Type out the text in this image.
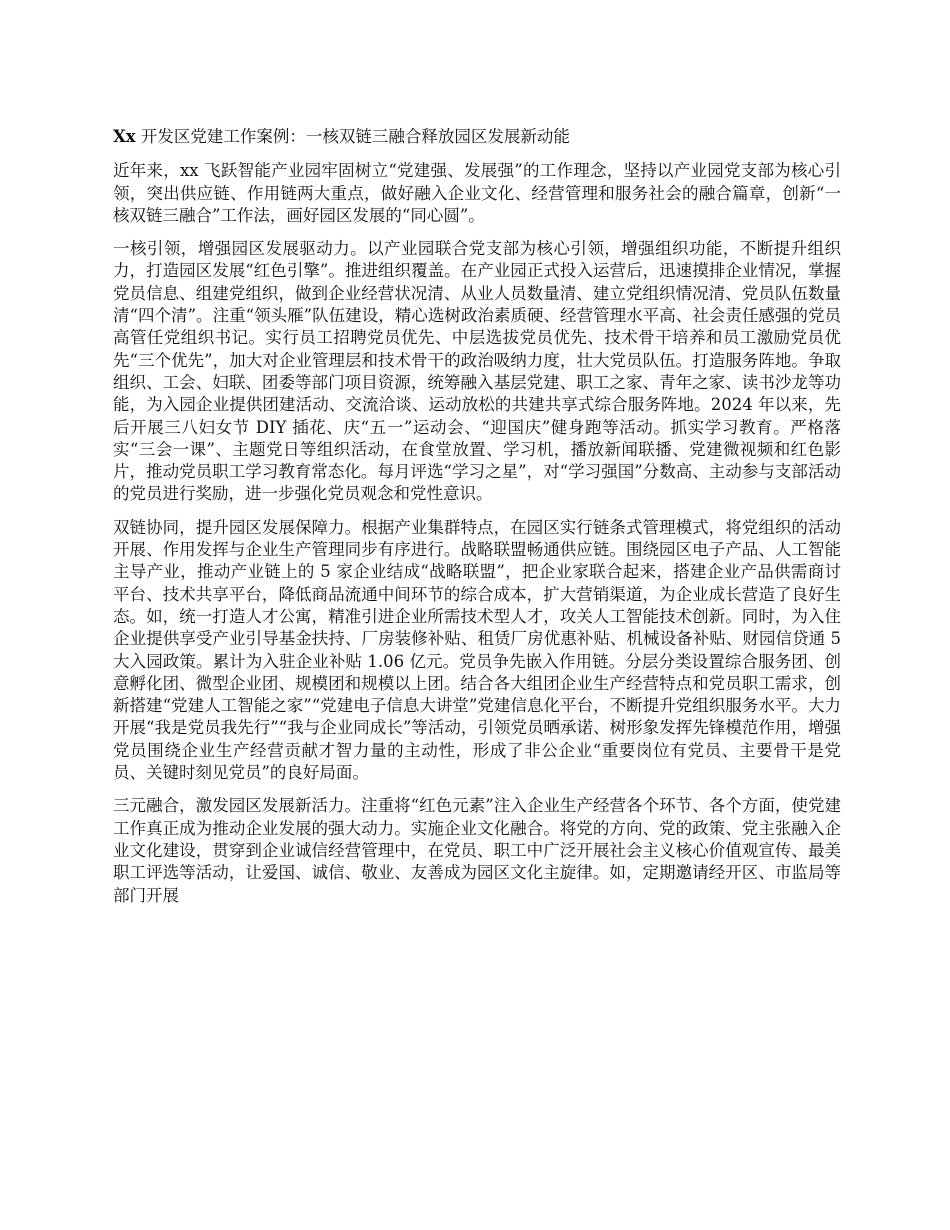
Xx 开发区党建工作案例：一核双链三融合释放园区发展新动能

近年来，xx 飞跃智能产业园牢固树立“党建强、发展强”的工作理念，坚持以产业园党支部为核心引领，突出供应链、作用链两大重点，做好融入企业文化、经营管理和服务社会的融合篇章，创新“一核双链三融合”工作法，画好园区发展的“同心圆”。

一核引领，增强园区发展驱动力。以产业园联合党支部为核心引领，增强组织功能，不断提升组织力，打造园区发展“红色引擎”。推进组织覆盖。在产业园正式投入运营后，迅速摸排企业情况，掌握党员信息、组建党组织，做到企业经营状况清、从业人员数量清、建立党组织情况清、党员队伍数量清“四个清”。注重“领头雁”队伍建设，精心选树政治素质硬、经营管理水平高、社会责任感强的党员高管任党组织书记。实行员工招聘党员优先、中层选拔党员优先、技术骨干培养和员工激励党员优先“三个优先”，加大对企业管理层和技术骨干的政治吸纳力度，壮大党员队伍。打造服务阵地。争取组织、工会、妇联、团委等部门项目资源，统筹融入基层党建、职工之家、青年之家、读书沙龙等功能，为入园企业提供团建活动、交流洽谈、运动放松的共建共享式综合服务阵地。2024 年以来，先后开展三八妇女节 DIY 插花、庆“五一”运动会、“迎国庆”健身跑等活动。抓实学习教育。严格落实“三会一课”、主题党日等组织活动，在食堂放置、学习机，播放新闻联播、党建微视频和红色影片，推动党员职工学习教育常态化。每月评选“学习之星”，对“学习强国”分数高、主动参与支部活动的党员进行奖励，进一步强化党员观念和党性意识。

双链协同，提升园区发展保障力。根据产业集群特点，在园区实行链条式管理模式，将党组织的活动开展、作用发挥与企业生产管理同步有序进行。战略联盟畅通供应链。围绕园区电子产品、人工智能主导产业，推动产业链上的 5 家企业结成“战略联盟”，把企业家联合起来，搭建企业产品供需商讨平台、技术共享平台，降低商品流通中间环节的综合成本，扩大营销渠道，为企业成长营造了良好生态。如，统一打造人才公寓，精准引进企业所需技术型人才，攻关人工智能技术创新。同时，为入住企业提供享受产业引导基金扶持、厂房装修补贴、租赁厂房优惠补贴、机械设备补贴、财园信贷通 5 大入园政策。累计为入驻企业补贴 1.06 亿元。党员争先嵌入作用链。分层分类设置综合服务团、创意孵化团、微型企业团、规模团和规模以上团。结合各大组团企业生产经营特点和党员职工需求，创新搭建“党建人工智能之家”“党建电子信息大讲堂”党建信息化平台，不断提升党组织服务水平。大力开展“我是党员我先行”“我与企业同成长”等活动，引领党员晒承诺、树形象发挥先锋模范作用，增强党员围绕企业生产经营贡献才智力量的主动性，形成了非公企业“重要岗位有党员、主要骨干是党员、关键时刻见党员”的良好局面。

三元融合，激发园区发展新活力。注重将“红色元素”注入企业生产经营各个环节、各个方面，使党建工作真正成为推动企业发展的强大动力。实施企业文化融合。将党的方向、党的政策、党主张融入企业文化建设，贯穿到企业诚信经营管理中，在党员、职工中广泛开展社会主义核心价值观宣传、最美职工评选等活动，让爱国、诚信、敬业、友善成为园区文化主旋律。如，定期邀请经开区、市监局等部门开展
